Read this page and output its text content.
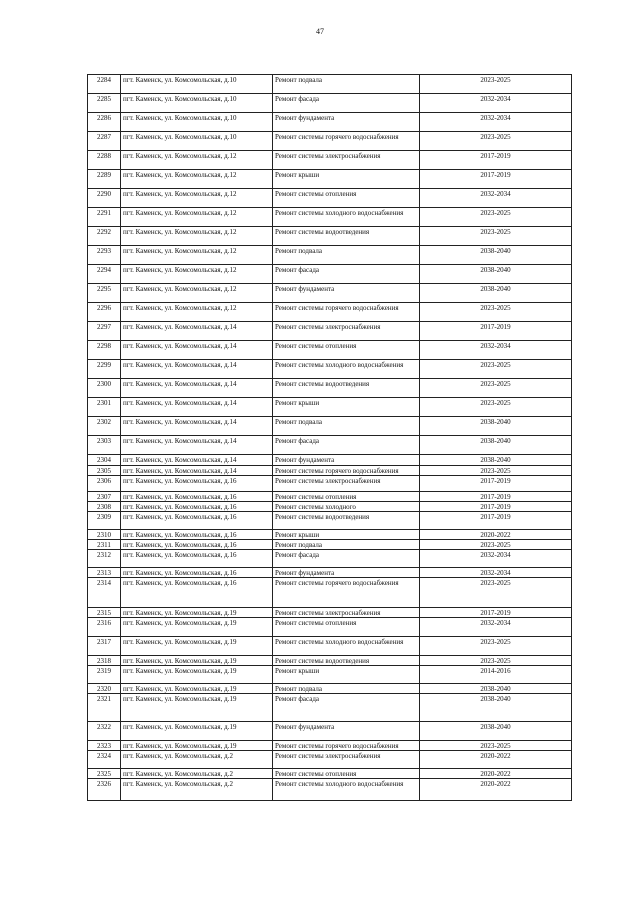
47
2284	пгт. Каменск, ул. Комсомольская, д.10	Ремонт подвала	2023-2025
2285	пгт. Каменск, ул. Комсомольская, д.10	Ремонт фасада	2032-2034
2286	пгт. Каменск, ул. Комсомольская, д.10	Ремонт фундамента	2032-2034
2287	пгт. Каменск, ул. Комсомольская, д.10	Ремонт системы горячего водоснабжения	2023-2025
2288	пгт. Каменск, ул. Комсомольская, д.12	Ремонт системы электроснабжения	2017-2019
2289	пгт. Каменск, ул. Комсомольская, д.12	Ремонт крыши	2017-2019
2290	пгт. Каменск, ул. Комсомольская, д.12	Ремонт системы отопления	2032-2034
2291	пгт. Каменск, ул. Комсомольская, д.12	Ремонт системы холодного водоснабжения	2023-2025
2292	пгт. Каменск, ул. Комсомольская, д.12	Ремонт системы водоотведения	2023-2025
2293	пгт. Каменск, ул. Комсомольская, д.12	Ремонт подвала	2038-2040
2294	пгт. Каменск, ул. Комсомольская, д.12	Ремонт фасада	2038-2040
2295	пгт. Каменск, ул. Комсомольская, д.12	Ремонт фундамента	2038-2040
2296	пгт. Каменск, ул. Комсомольская, д.12	Ремонт системы горячего водоснабжения	2023-2025
2297	пгт. Каменск, ул. Комсомольская, д.14	Ремонт системы электроснабжения	2017-2019
2298	пгт. Каменск, ул. Комсомольская, д.14	Ремонт системы отопления	2032-2034
2299	пгт. Каменск, ул. Комсомольская, д.14	Ремонт системы холодного водоснабжения	2023-2025
2300	пгт. Каменск, ул. Комсомольская, д.14	Ремонт системы водоотведения	2023-2025
2301	пгт. Каменск, ул. Комсомольская, д.14	Ремонт крыши	2023-2025
2302	пгт. Каменск, ул. Комсомольская, д.14	Ремонт подвала	2038-2040
2303	пгт. Каменск, ул. Комсомольская, д.14	Ремонт фасада	2038-2040
2304	пгт. Каменск, ул. Комсомольская, д.14	Ремонт фундамента	2038-2040
2305	пгт. Каменск, ул. Комсомольская, д.14	Ремонт системы горячего водоснабжения	2023-2025
2306	пгт. Каменск, ул. Комсомольская, д.16	Ремонт системы электроснабжения	2017-2019
2307	пгт. Каменск, ул. Комсомольская, д.16	Ремонт системы отопления	2017-2019
2308	пгт. Каменск, ул. Комсомольская, д.16	Ремонт системы холодного	2017-2019
2309	пгт. Каменск, ул. Комсомольская, д.16	Ремонт системы водоотведения	2017-2019
2310	пгт. Каменск, ул. Комсомольская, д.16	Ремонт крыши	2020-2022
2311	пгт. Каменск, ул. Комсомольская, д.16	Ремонт подвала	2023-2025
2312	пгт. Каменск, ул. Комсомольская, д.16	Ремонт фасада	2032-2034
2313	пгт. Каменск, ул. Комсомольская, д.16	Ремонт фундамента	2032-2034
2314	пгт. Каменск, ул. Комсомольская, д.16	Ремонт системы горячего водоснабжения	2023-2025
2315	пгт. Каменск, ул. Комсомольская, д.19	Ремонт системы электроснабжения	2017-2019
2316	пгт. Каменск, ул. Комсомольская, д.19	Ремонт системы отопления	2032-2034
2317	пгт. Каменск, ул. Комсомольская, д.19	Ремонт системы холодного водоснабжения	2023-2025
2318	пгт. Каменск, ул. Комсомольская, д.19	Ремонт системы водоотведения	2023-2025
2319	пгт. Каменск, ул. Комсомольская, д.19	Ремонт крыши	2014-2016
2320	пгт. Каменск, ул. Комсомольская, д.19	Ремонт подвала	2038-2040
2321	пгт. Каменск, ул. Комсомольская, д.19	Ремонт фасада	2038-2040
2322	пгт. Каменск, ул. Комсомольская, д.19	Ремонт фундамента	2038-2040
2323	пгт. Каменск, ул. Комсомольская, д.19	Ремонт системы горячего водоснабжения	2023-2025
2324	пгт. Каменск, ул. Комсомольская, д.2	Ремонт системы электроснабжения	2020-2022
2325	пгт. Каменск, ул. Комсомольская, д.2	Ремонт системы отопления	2020-2022
2326	пгт. Каменск, ул. Комсомольская, д.2	Ремонт системы холодного водоснабжения	2020-2022
